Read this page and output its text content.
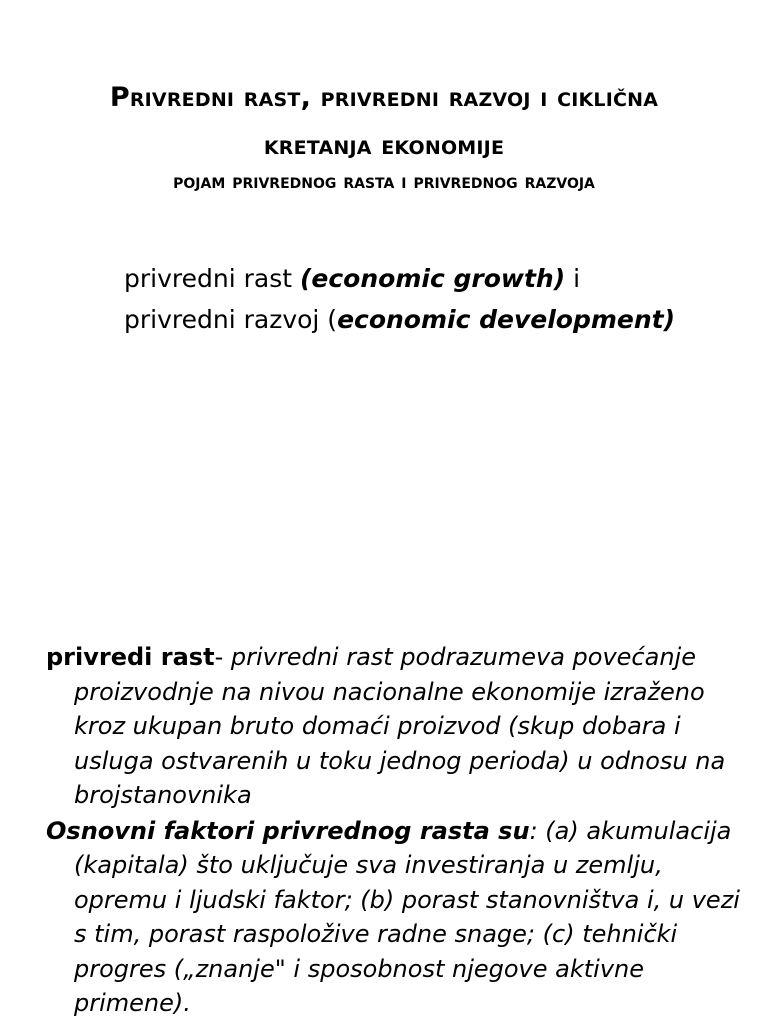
Privredni rast, privredni razvoj i ciklična
kretanja ekonomije
pojam privrednog rasta i privrednog razvoja
privredni rast (economic growth) i
privredni razvoj (economic development)

privredi rast- privredni rast podrazumeva povećanje proizvodnje na nivou nacionalne ekonomije izraženo kroz ukupan bruto domaći proizvod (skup dobara i usluga ostvarenih u toku jednog perioda) u odnosu na brojstanovnika

Osnovni faktori privrednog rasta su: (a) akumulacija (kapitala) što uključuje sva investiranja u zemlju, opremu i ljudski faktor; (b) porast stanovništva i, u vezi s tim, porast raspoložive radne snage; (c) tehnički progres („znanje" i sposobnost njegove aktivne primene).
